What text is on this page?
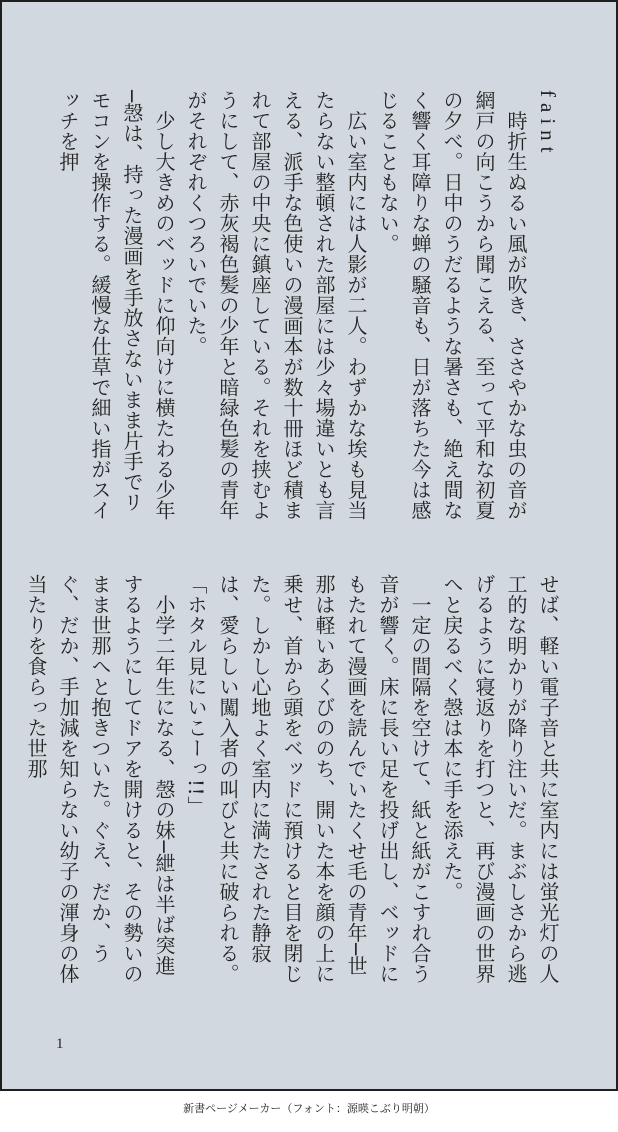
faint

　時折生ぬるい風が吹き、ささやかな虫の音が網戸の向こうから聞こえる、至って平和な初夏の夕べ。日中のうだるような暑さも、絶え間なく響く耳障りな蝉の騒音も、日が落ちた今は感じることもない。

　広い室内には人影が二人。わずかな埃も見当たらない整頓された部屋には少々場違いとも言える、派手な色使いの漫画本が数十冊ほど積まれて部屋の中央に鎮座している。それを挟むようにして、赤灰褐色髪の少年と暗緑色髪の青年がそれぞれくつろいでいた。

　少し大きめのベッドに仰向けに横たわる少年─愨は、持った漫画を手放さないまま片手でリモコンを操作する。緩慢な仕草で細い指がスイッチを押

せば、軽い電子音と共に室内には蛍光灯の人工的な明かりが降り注いだ。まぶしさから逃げるように寝返りを打つと、再び漫画の世界へと戻るべく愨は本に手を添えた。

　一定の間隔を空けて、紙と紙がこすれ合う音が響く。床に長い足を投げ出し、ベッドにもたれて漫画を読んでいたくせ毛の青年─世那は軽いあくびののち、開いた本を顔の上に乗せ、首から頭をベッドに預けると目を閉じた。しかし心地よく室内に満たされた静寂は、愛らしい闖入者の叫びと共に破られる。

「ホタル見にいこーっ!!」

　小学二年生になる、愨の妹─紲は半ば突進するようにしてドアを開けると、その勢いのまま世那へと抱きついた。ぐえ、だか、うぐ、だか、手加減を知らない幼子の渾身の体当たりを食らった世那

1
新書ページメーカー（フォント：源暎こぶり明朝）
